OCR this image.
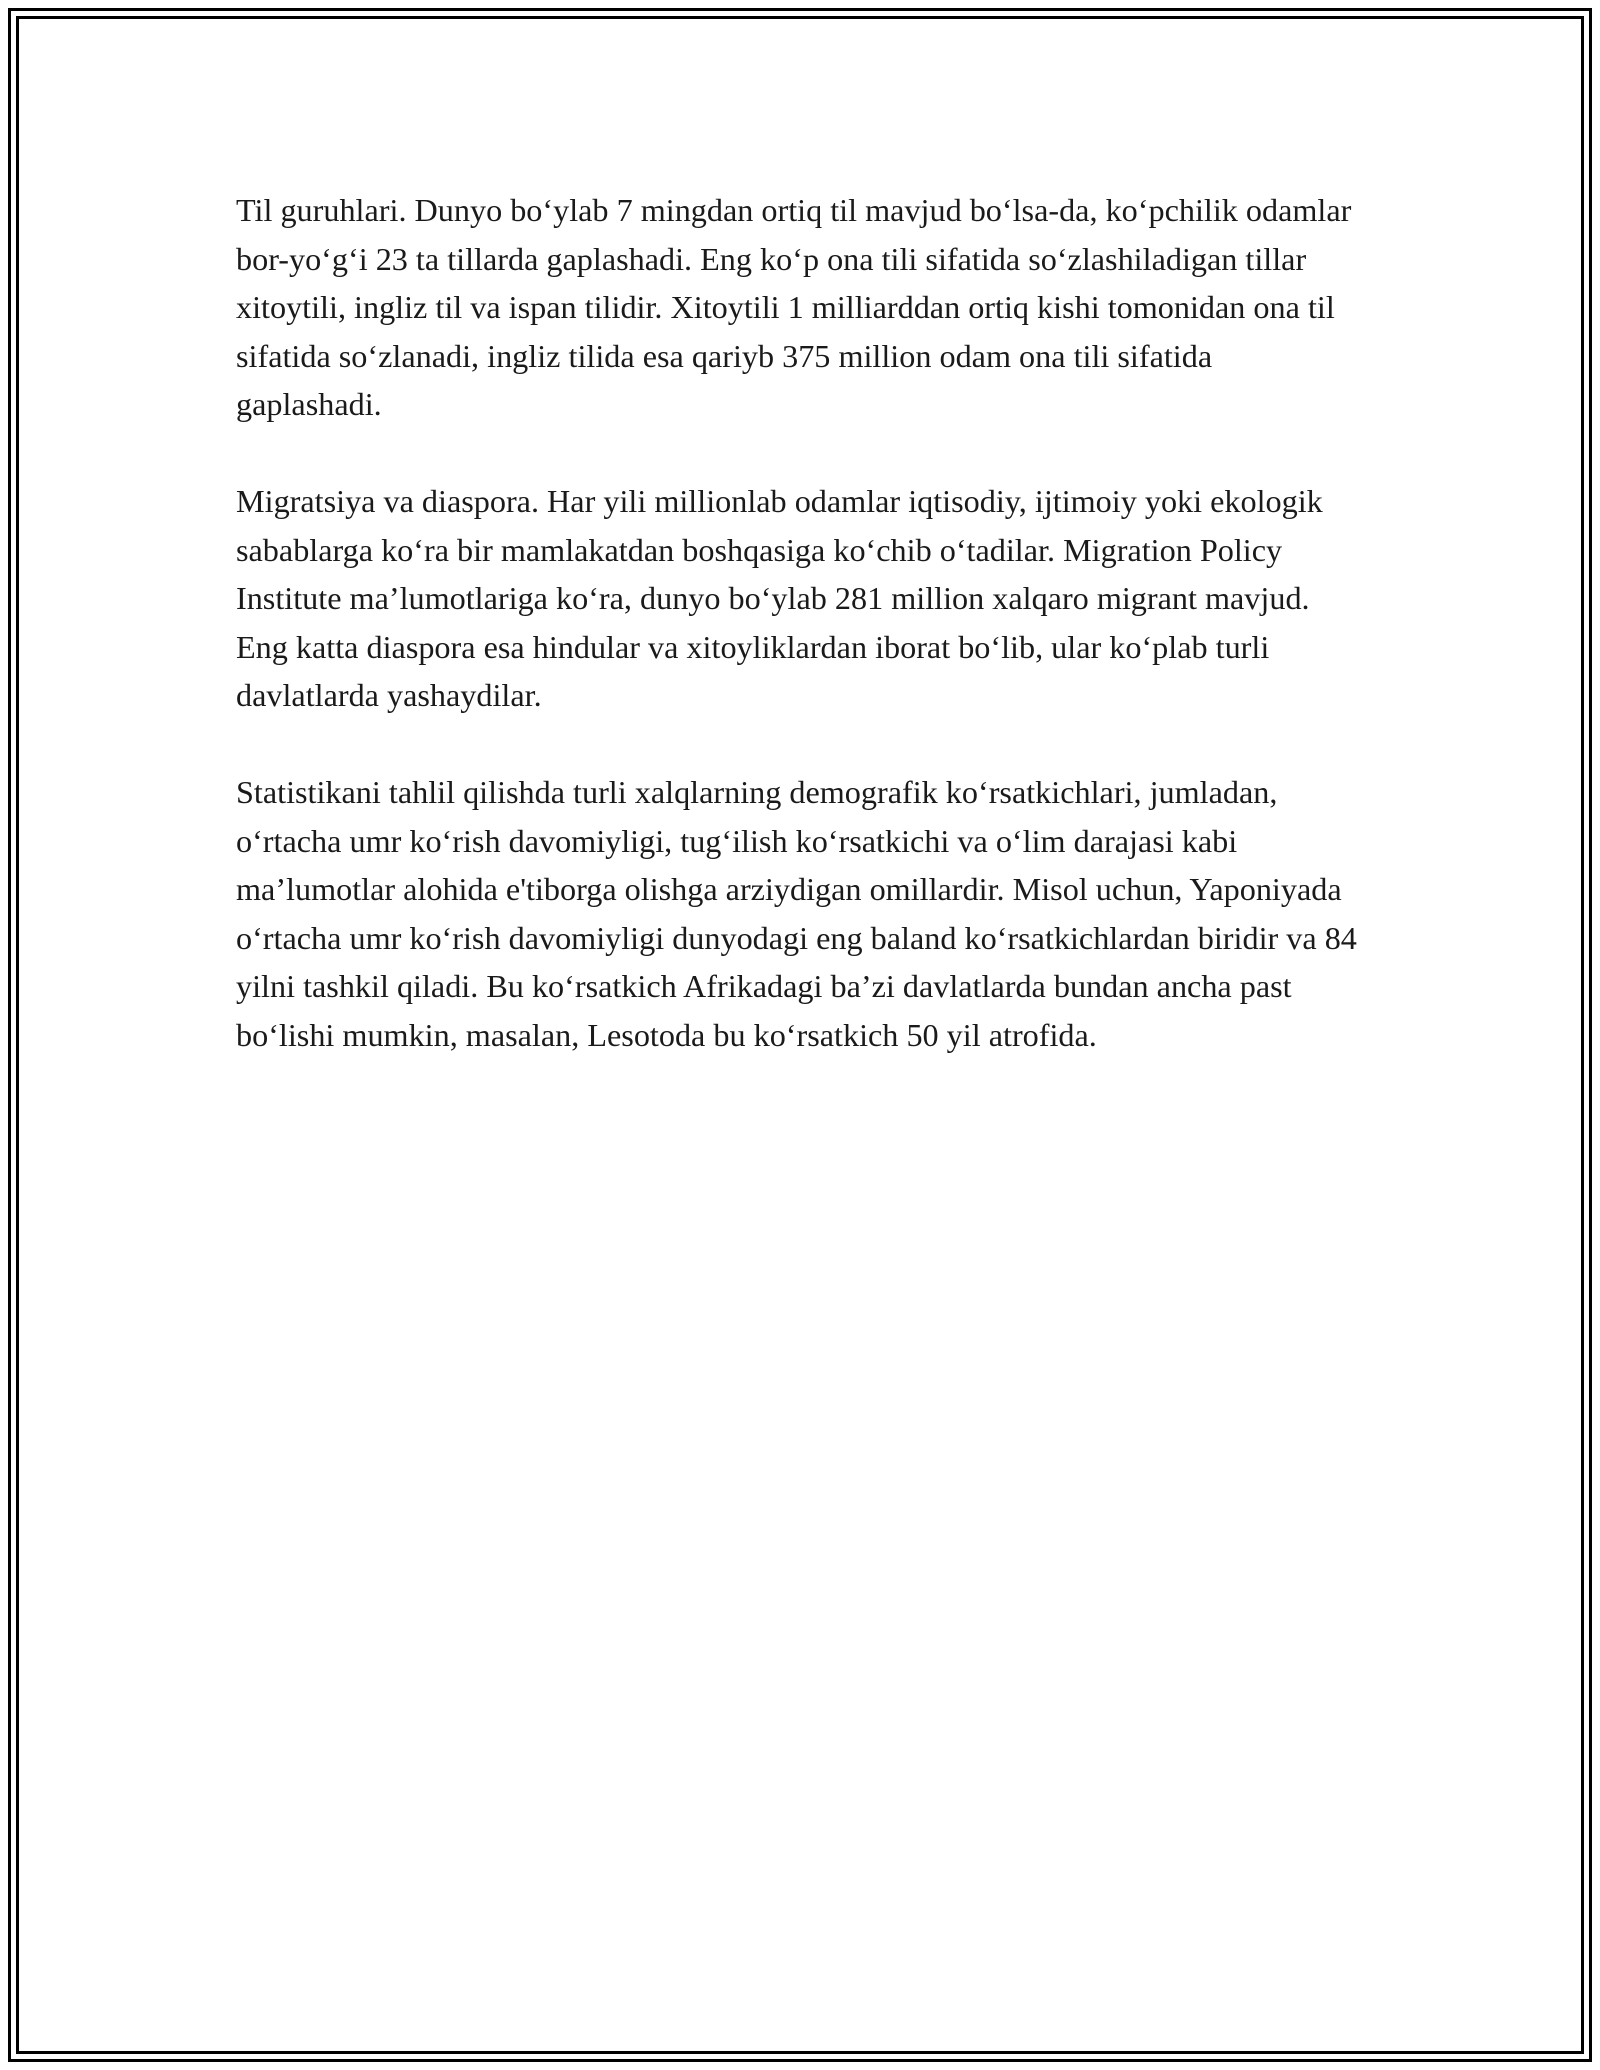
Til guruhlari. Dunyo bo‘ylab 7 mingdan ortiq til mavjud bo‘lsa-da, ko‘pchilik odamlar bor-yo‘g‘i 23 ta tillarda gaplashadi. Eng ko‘p ona tili sifatida so‘zlashiladigan tillar xitoytili, ingliz til va ispan tilidir. Xitoytili 1 milliarddan ortiq kishi tomonidan ona til sifatida so‘zlanadi, ingliz tilida esa qariyb 375 million odam ona tili sifatida gaplashadi.

Migratsiya va diaspora. Har yili millionlab odamlar iqtisodiy, ijtimoiy yoki ekologik sabablarga ko‘ra bir mamlakatdan boshqasiga ko‘chib o‘tadilar. Migration Policy Institute ma’lumotlariga ko‘ra, dunyo bo‘ylab 281 million xalqaro migrant mavjud. Eng katta diaspora esa hindular va xitoyliklardan iborat bo‘lib, ular ko‘plab turli davlatlarda yashaydilar.

Statistikani tahlil qilishda turli xalqlarning demografik ko‘rsatkichlari, jumladan, o‘rtacha umr ko‘rish davomiyligi, tug‘ilish ko‘rsatkichi va o‘lim darajasi kabi ma’lumotlar alohida e'tiborga olishga arziydigan omillardir. Misol uchun, Yaponiyada o‘rtacha umr ko‘rish davomiyligi dunyodagi eng baland ko‘rsatkichlardan biridir va 84 yilni tashkil qiladi. Bu ko‘rsatkich Afrikadagi ba’zi davlatlarda bundan ancha past bo‘lishi mumkin, masalan, Lesotoda bu ko‘rsatkich 50 yil atrofida.
